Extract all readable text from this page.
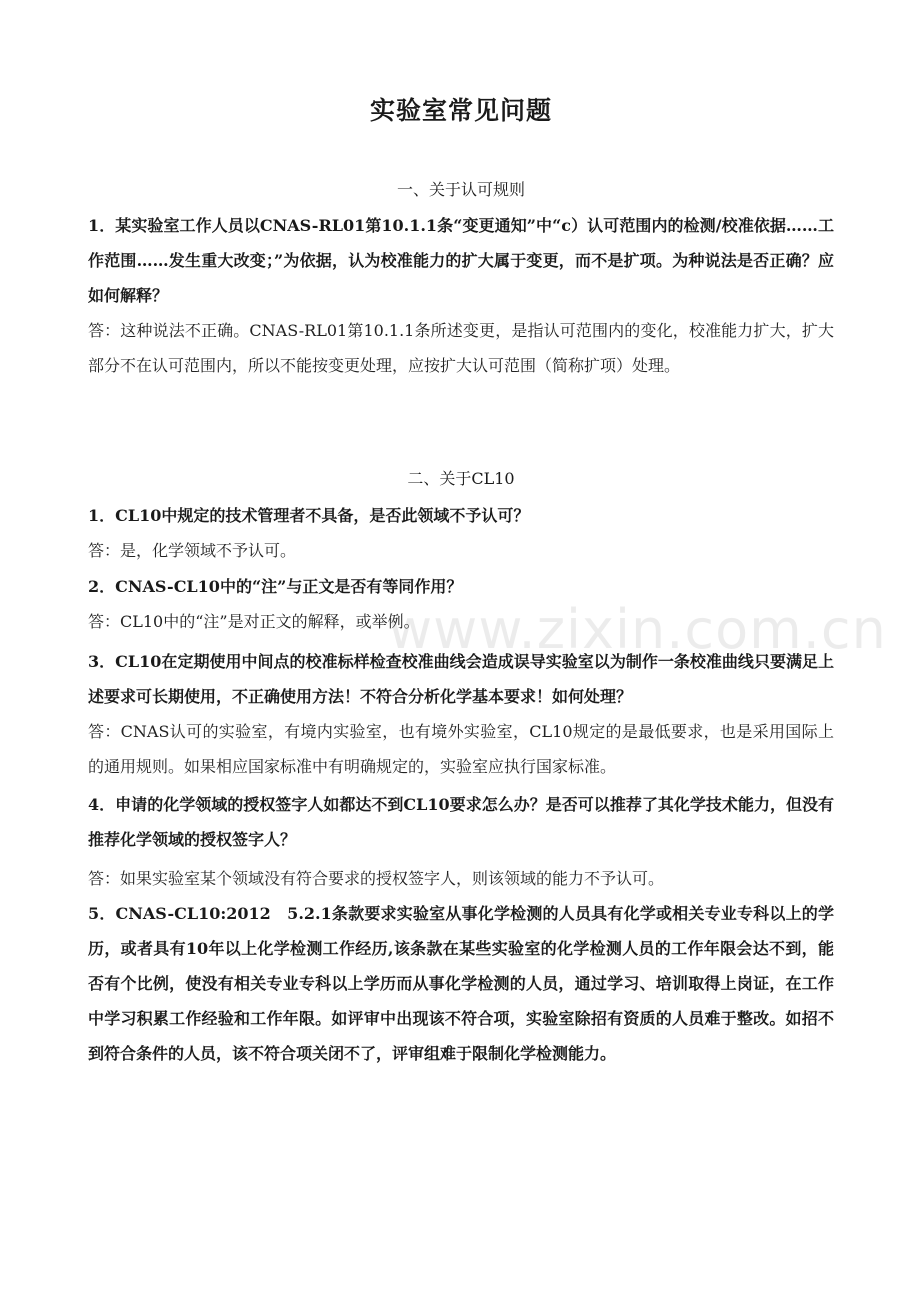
实验室常见问题
一、关于认可规则
1．某实验室工作人员以CNAS-RL01第10.1.1条“变更通知”中“c）认可范围内的检测/校准依据……工作范围……发生重大改变；”为依据，认为校准能力的扩大属于变更，而不是扩项。为种说法是否正确？应如何解释？
答：这种说法不正确。CNAS-RL01第10.1.1条所述变更，是指认可范围内的变化，校准能力扩大，扩大部分不在认可范围内，所以不能按变更处理，应按扩大认可范围（简称扩项）处理。
二、关于CL10
1．CL10中规定的技术管理者不具备，是否此领域不予认可？
答：是，化学领域不予认可。
2．CNAS-CL10中的“注”与正文是否有等同作用？
答：CL10中的“注”是对正文的解释，或举例。
3．CL10在定期使用中间点的校准标样检查校准曲线会造成误导实验室以为制作一条校准曲线只要满足上述要求可长期使用，不正确使用方法！不符合分析化学基本要求！如何处理？
答：CNAS认可的实验室，有境内实验室，也有境外实验室，CL10规定的是最低要求，也是采用国际上的通用规则。如果相应国家标准中有明确规定的，实验室应执行国家标准。
4．申请的化学领域的授权签字人如都达不到CL10要求怎么办？是否可以推荐了其化学技术能力，但没有推荐化学领域的授权签字人？
答：如果实验室某个领域没有符合要求的授权签字人，则该领域的能力不予认可。
5．CNAS-CL10:2012　5.2.1条款要求实验室从事化学检测的人员具有化学或相关专业专科以上的学历，或者具有10年以上化学检测工作经历,该条款在某些实验室的化学检测人员的工作年限会达不到，能否有个比例，使没有相关专业专科以上学历而从事化学检测的人员，通过学习、培训取得上岗证，在工作中学习积累工作经验和工作年限。如评审中出现该不符合项，实验室除招有资质的人员难于整改。如招不到符合条件的人员，该不符合项关闭不了，评审组难于限制化学检测能力。
www.zixin.com.cn
